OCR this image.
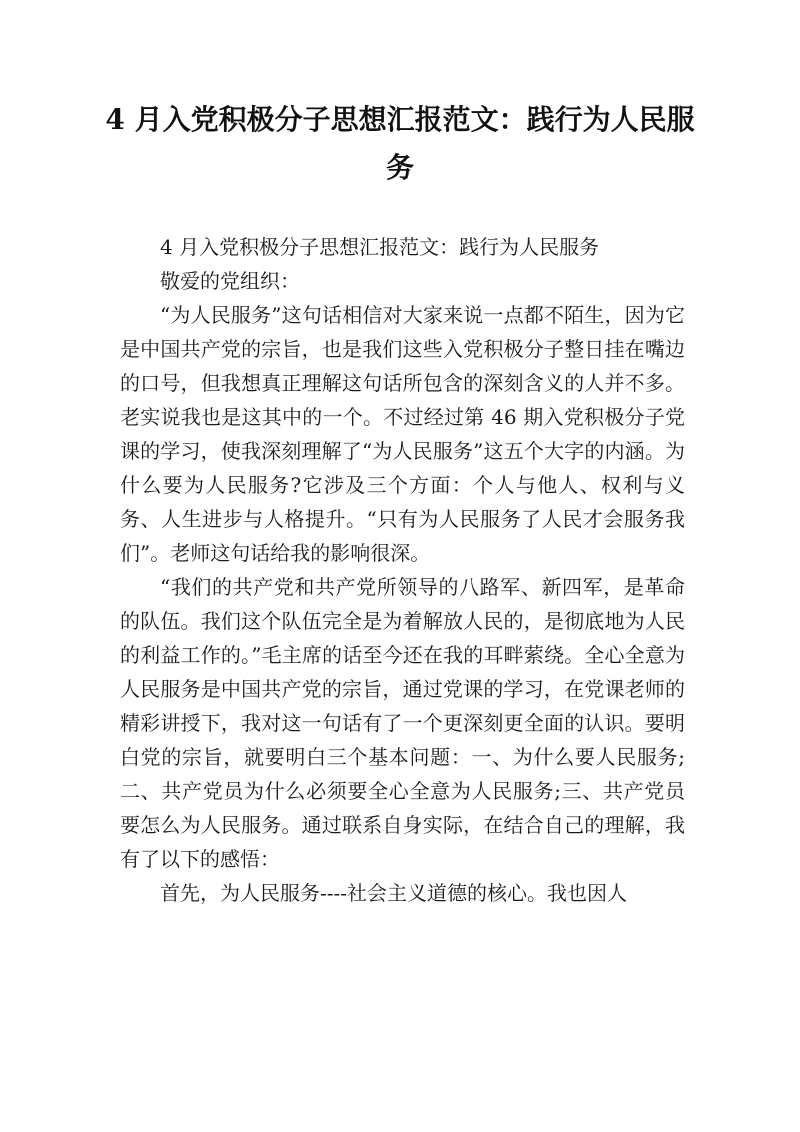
4 月入党积极分子思想汇报范文：践行为人民服务

4 月入党积极分子思想汇报范文：践行为人民服务

敬爱的党组织：

“为人民服务”这句话相信对大家来说一点都不陌生，因为它是中国共产党的宗旨，也是我们这些入党积极分子整日挂在嘴边的口号，但我想真正理解这句话所包含的深刻含义的人并不多。老实说我也是这其中的一个。不过经过第 46 期入党积极分子党课的学习，使我深刻理解了“为人民服务”这五个大字的内涵。为什么要为人民服务?它涉及三个方面：个人与他人、权利与义务、人生进步与人格提升。“只有为人民服务了人民才会服务我们”。老师这句话给我的影响很深。

“我们的共产党和共产党所领导的八路军、新四军，是革命的队伍。我们这个队伍完全是为着解放人民的，是彻底地为人民的利益工作的。”毛主席的话至今还在我的耳畔萦绕。全心全意为人民服务是中国共产党的宗旨，通过党课的学习，在党课老师的精彩讲授下，我对这一句话有了一个更深刻更全面的认识。要明白党的宗旨，就要明白三个基本问题：一、为什么要人民服务;二、共产党员为什么必须要全心全意为人民服务;三、共产党员要怎么为人民服务。通过联系自身实际，在结合自己的理解，我有了以下的感悟：

首先，为人民服务----社会主义道德的核心。我也因人
